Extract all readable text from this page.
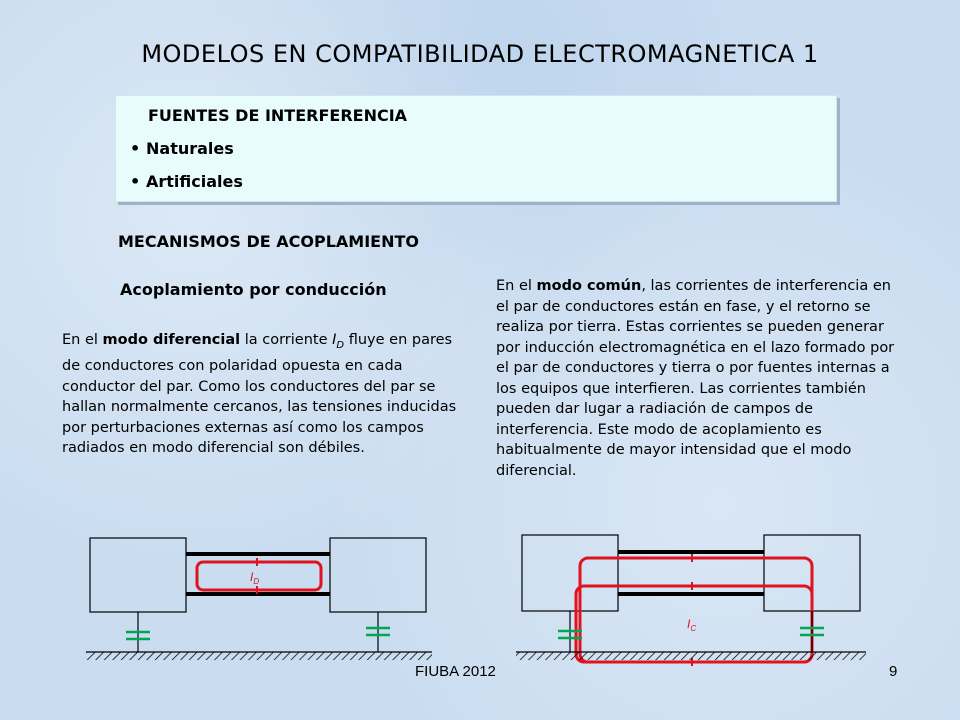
MODELOS EN COMPATIBILIDAD ELECTROMAGNETICA 1
FUENTES DE INTERFERENCIA
• Naturales
• Artificiales
MECANISMOS DE ACOPLAMIENTO
Acoplamiento por conducción
En el modo diferencial la corriente $I_D$ fluye en pares de conductores con polaridad opuesta en cada conductor del par. Como los conductores del par se hallan normalmente cercanos, las tensiones inducidas por perturbaciones externas así como los campos radiados en modo diferencial son débiles.
En el modo común, las corrientes de interferencia en el par de conductores están en fase, y el retorno se realiza por tierra. Estas corrientes se pueden generar por inducción electromagnética en el lazo formado por el par de conductores y tierra o por fuentes internas a los equipos que interfieren. Las corrientes también pueden dar lugar a radiación de campos de interferencia. Este modo de acoplamiento es habitualmente de mayor intensidad que el modo diferencial.
$I_D$
$I_C$
FIUBA 2012	9
